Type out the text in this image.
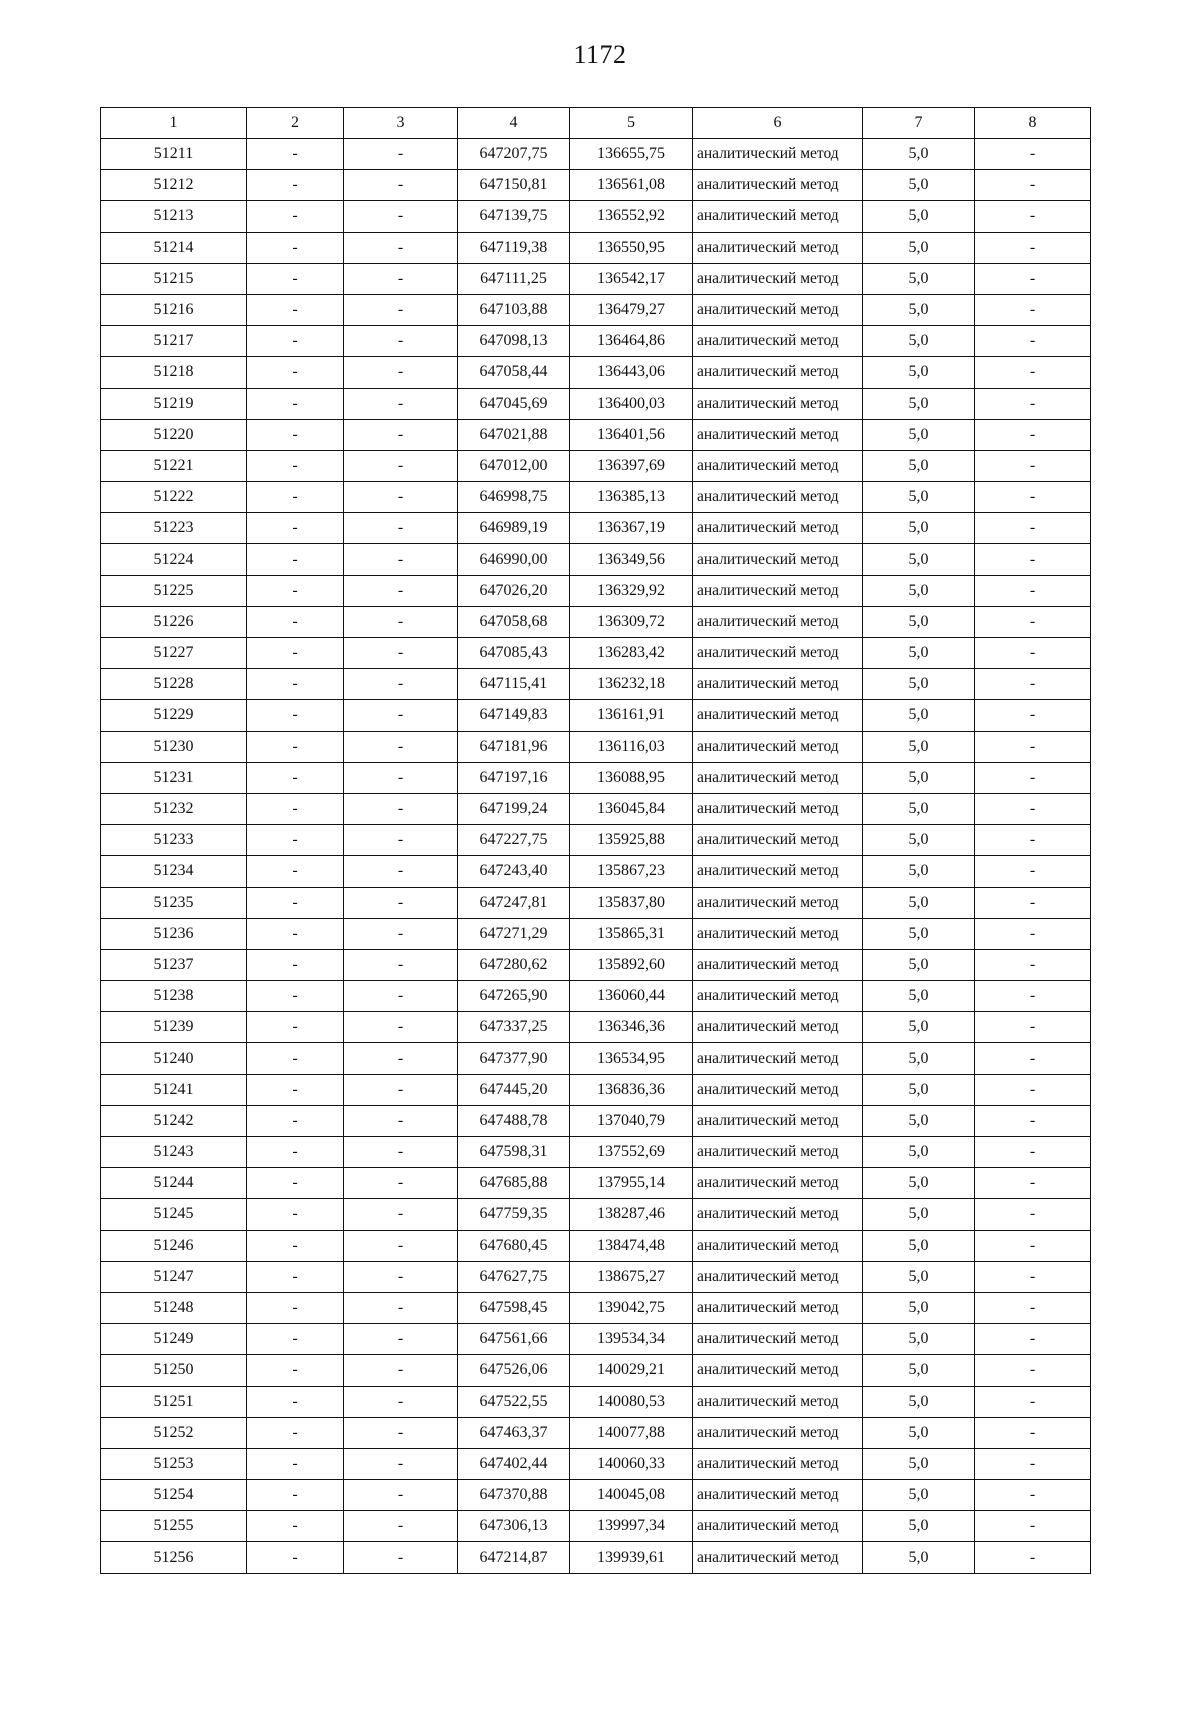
1172
1	2	3	4	5	6	7	8
51211	-	-	647207,75	136655,75	аналитический метод	5,0	-
51212	-	-	647150,81	136561,08	аналитический метод	5,0	-
51213	-	-	647139,75	136552,92	аналитический метод	5,0	-
51214	-	-	647119,38	136550,95	аналитический метод	5,0	-
51215	-	-	647111,25	136542,17	аналитический метод	5,0	-
51216	-	-	647103,88	136479,27	аналитический метод	5,0	-
51217	-	-	647098,13	136464,86	аналитический метод	5,0	-
51218	-	-	647058,44	136443,06	аналитический метод	5,0	-
51219	-	-	647045,69	136400,03	аналитический метод	5,0	-
51220	-	-	647021,88	136401,56	аналитический метод	5,0	-
51221	-	-	647012,00	136397,69	аналитический метод	5,0	-
51222	-	-	646998,75	136385,13	аналитический метод	5,0	-
51223	-	-	646989,19	136367,19	аналитический метод	5,0	-
51224	-	-	646990,00	136349,56	аналитический метод	5,0	-
51225	-	-	647026,20	136329,92	аналитический метод	5,0	-
51226	-	-	647058,68	136309,72	аналитический метод	5,0	-
51227	-	-	647085,43	136283,42	аналитический метод	5,0	-
51228	-	-	647115,41	136232,18	аналитический метод	5,0	-
51229	-	-	647149,83	136161,91	аналитический метод	5,0	-
51230	-	-	647181,96	136116,03	аналитический метод	5,0	-
51231	-	-	647197,16	136088,95	аналитический метод	5,0	-
51232	-	-	647199,24	136045,84	аналитический метод	5,0	-
51233	-	-	647227,75	135925,88	аналитический метод	5,0	-
51234	-	-	647243,40	135867,23	аналитический метод	5,0	-
51235	-	-	647247,81	135837,80	аналитический метод	5,0	-
51236	-	-	647271,29	135865,31	аналитический метод	5,0	-
51237	-	-	647280,62	135892,60	аналитический метод	5,0	-
51238	-	-	647265,90	136060,44	аналитический метод	5,0	-
51239	-	-	647337,25	136346,36	аналитический метод	5,0	-
51240	-	-	647377,90	136534,95	аналитический метод	5,0	-
51241	-	-	647445,20	136836,36	аналитический метод	5,0	-
51242	-	-	647488,78	137040,79	аналитический метод	5,0	-
51243	-	-	647598,31	137552,69	аналитический метод	5,0	-
51244	-	-	647685,88	137955,14	аналитический метод	5,0	-
51245	-	-	647759,35	138287,46	аналитический метод	5,0	-
51246	-	-	647680,45	138474,48	аналитический метод	5,0	-
51247	-	-	647627,75	138675,27	аналитический метод	5,0	-
51248	-	-	647598,45	139042,75	аналитический метод	5,0	-
51249	-	-	647561,66	139534,34	аналитический метод	5,0	-
51250	-	-	647526,06	140029,21	аналитический метод	5,0	-
51251	-	-	647522,55	140080,53	аналитический метод	5,0	-
51252	-	-	647463,37	140077,88	аналитический метод	5,0	-
51253	-	-	647402,44	140060,33	аналитический метод	5,0	-
51254	-	-	647370,88	140045,08	аналитический метод	5,0	-
51255	-	-	647306,13	139997,34	аналитический метод	5,0	-
51256	-	-	647214,87	139939,61	аналитический метод	5,0	-
